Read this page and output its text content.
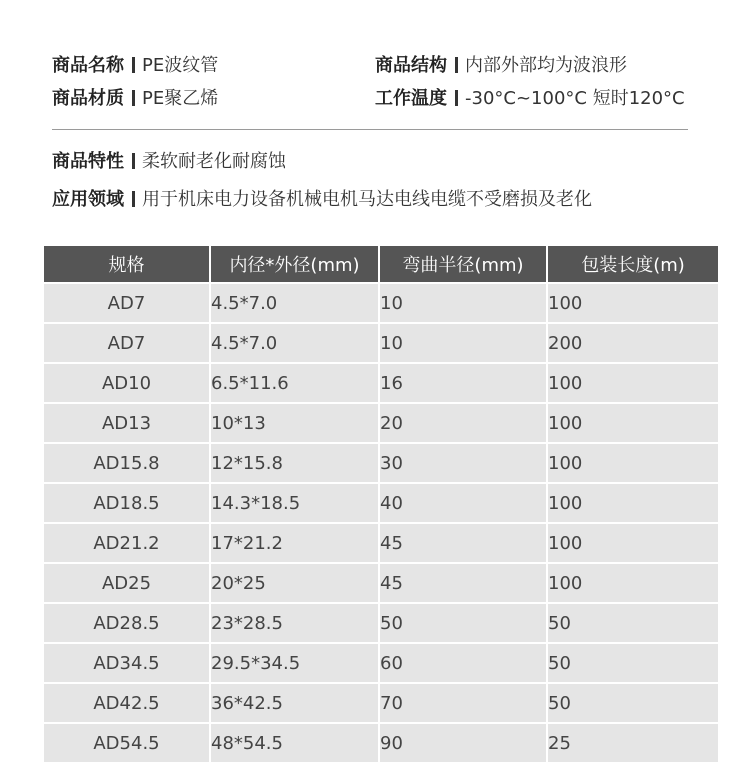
商品名称 PE波纹管	商品结构 内部外部均为波浪形
商品材质 PE聚乙烯	工作温度 -30°C~100°C 短时120°C
商品特性 柔软耐老化耐腐蚀
应用领域 用于机床电力设备机械电机马达电线电缆不受磨损及老化
规格	内径*外径(mm)	弯曲半径(mm)	包装长度(m)
AD7	4.5*7.0	10	100
AD7	4.5*7.0	10	200
AD10	6.5*11.6	16	100
AD13	10*13	20	100
AD15.8	12*15.8	30	100
AD18.5	14.3*18.5	40	100
AD21.2	17*21.2	45	100
AD25	20*25	45	100
AD28.5	23*28.5	50	50
AD34.5	29.5*34.5	60	50
AD42.5	36*42.5	70	50
AD54.5	48*54.5	90	25
